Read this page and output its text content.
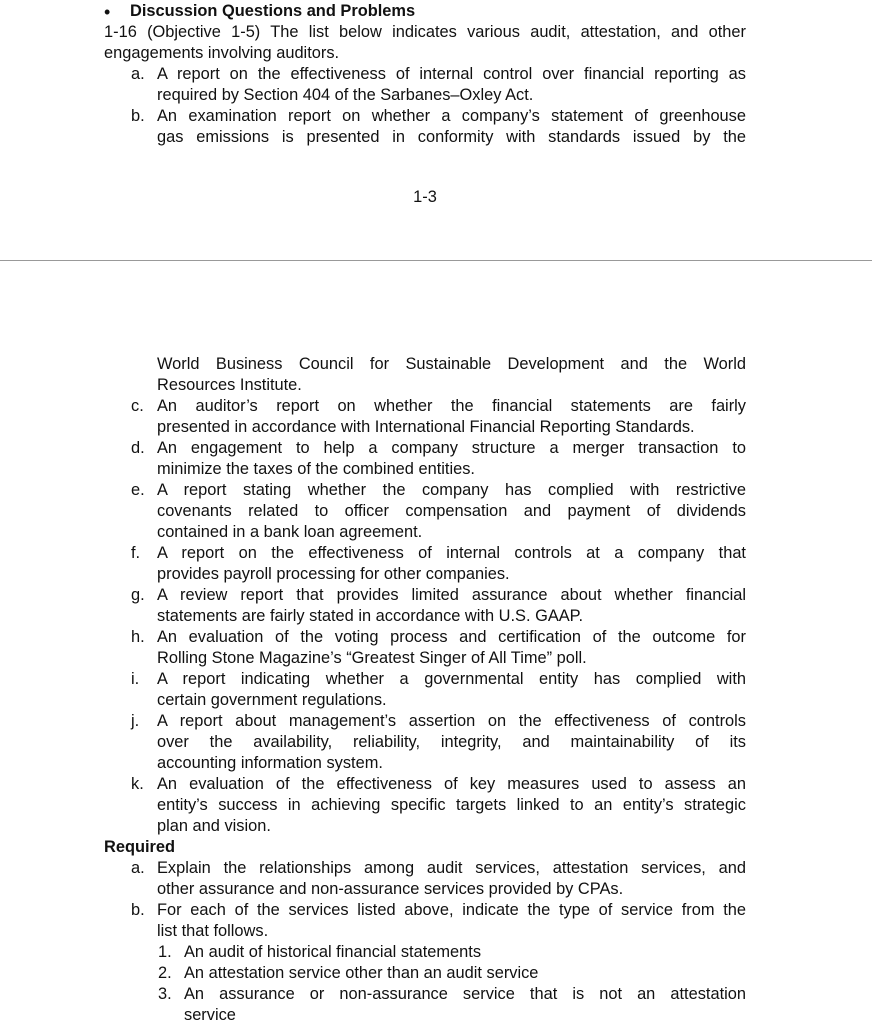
• Discussion Questions and Problems
1-16 (Objective 1-5) The list below indicates various audit, attestation, and other
engagements involving auditors.
a. A report on the effectiveness of internal control over financial reporting as
required by Section 404 of the Sarbanes–Oxley Act.
b. An examination report on whether a company’s statement of greenhouse
gas emissions is presented in conformity with standards issued by the
1-3
World Business Council for Sustainable Development and the World
Resources Institute.
c. An auditor’s report on whether the financial statements are fairly
presented in accordance with International Financial Reporting Standards.
d. An engagement to help a company structure a merger transaction to
minimize the taxes of the combined entities.
e. A report stating whether the company has complied with restrictive
covenants related to officer compensation and payment of dividends
contained in a bank loan agreement.
f. A report on the effectiveness of internal controls at a company that
provides payroll processing for other companies.
g. A review report that provides limited assurance about whether financial
statements are fairly stated in accordance with U.S. GAAP.
h. An evaluation of the voting process and certification of the outcome for
Rolling Stone Magazine’s “Greatest Singer of All Time” poll.
i. A report indicating whether a governmental entity has complied with
certain government regulations.
j. A report about management’s assertion on the effectiveness of controls
over the availability, reliability, integrity, and maintainability of its
accounting information system.
k. An evaluation of the effectiveness of key measures used to assess an
entity’s success in achieving specific targets linked to an entity’s strategic
plan and vision.
Required
a. Explain the relationships among audit services, attestation services, and
other assurance and non-assurance services provided by CPAs.
b. For each of the services listed above, indicate the type of service from the
list that follows.
1. An audit of historical financial statements
2. An attestation service other than an audit service
3. An assurance or non-assurance service that is not an attestation
service
